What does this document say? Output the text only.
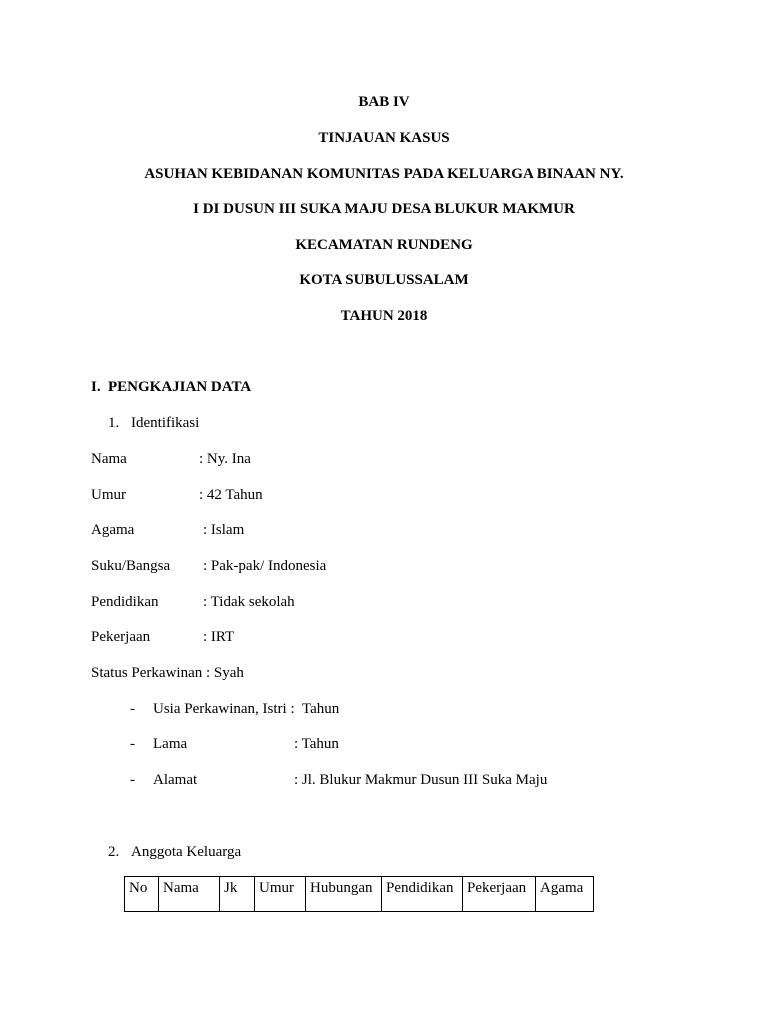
BAB IV
TINJAUAN KASUS
ASUHAN KEBIDANAN KOMUNITAS PADA KELUARGA BINAAN NY.
I DI DUSUN III SUKA MAJU DESA BLUKUR MAKMUR
KECAMATAN RUNDENG
KOTA SUBULUSSALAM
TAHUN 2018
I. PENGKAJIAN DATA
1. Identifikasi
Nama	: Ny. Ina
Umur	: 42 Tahun
Agama	: Islam
Suku/Bangsa : Pak-pak/ Indonesia
Pendidikan	: Tidak sekolah
Pekerjaan	: IRT
Status Perkawinan : Syah
- Usia Perkawinan, Istri : Tahun
- Lama	: Tahun
- Alamat	: Jl. Blukur Makmur Dusun III Suka Maju
2. Anggota Keluarga
No	Nama	Jk	Umur	Hubungan	Pendidikan	Pekerjaan	Agama
